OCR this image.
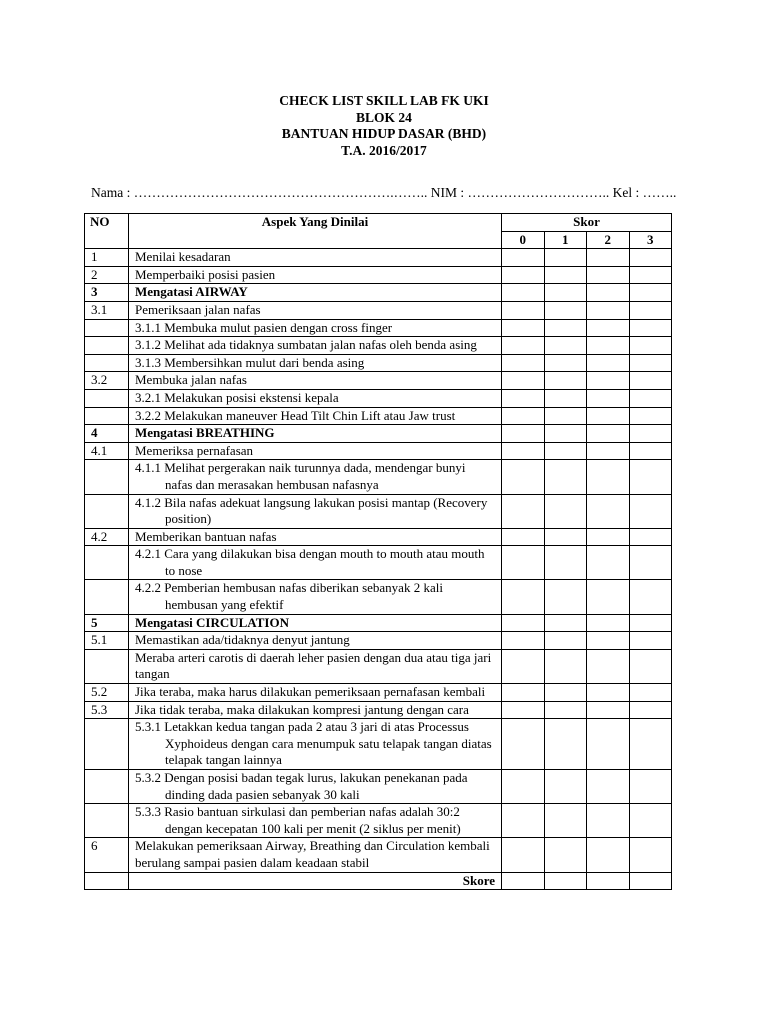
CHECK LIST SKILL LAB FK UKI
BLOK 24
BANTUAN HIDUP DASAR (BHD)
T.A. 2016/2017
Nama : ………………………………………………….…….. NIM : ………………………….. Kel : ……..
NO	Aspek Yang Dinilai	Skor			
		0	1	2	3
1	Menilai kesadaran				
2	Memperbaiki posisi pasien				
3	Mengatasi AIRWAY				
3.1	Pemeriksaan jalan nafas				

	3.1.1 Membuka mulut pasien dengan cross finger				

	3.1.2 Melihat ada tidaknya sumbatan jalan nafas oleh benda asing				

	3.1.3 Membersihkan mulut dari benda asing				

3.2	Membuka jalan nafas				

	3.2.1 Melakukan posisi ekstensi kepala				

	3.2.2 Melakukan maneuver Head Tilt Chin Lift atau Jaw trust				

4	Mengatasi BREATHING				
4.1	Memeriksa pernafasan				

	4.1.1 Melihat pergerakan naik turunnya dada, mendengar bunyi nafas dan merasakan hembusan nafasnya				

	4.1.2 Bila nafas adekuat langsung lakukan posisi mantap (Recovery position)				

4.2	Memberikan bantuan nafas				

	4.2.1 Cara yang dilakukan bisa dengan mouth to mouth atau mouth to nose				

	4.2.2 Pemberian hembusan nafas diberikan sebanyak 2 kali hembusan yang efektif				

5	Mengatasi CIRCULATION				
5.1	Memastikan ada/tidaknya denyut jantung				
	Meraba arteri carotis di daerah leher pasien dengan dua atau tiga jari tangan				
5.2	Jika teraba, maka harus dilakukan pemeriksaan pernafasan kembali				
5.3	Jika tidak teraba, maka dilakukan kompresi jantung dengan cara				

	5.3.1 Letakkan kedua tangan pada 2 atau 3 jari di atas Processus Xyphoideus dengan cara menumpuk satu telapak tangan diatas telapak tangan lainnya				

	5.3.2 Dengan posisi badan tegak lurus, lakukan penekanan pada dinding dada pasien sebanyak 30 kali				

	5.3.3 Rasio bantuan sirkulasi dan pemberian nafas adalah 30:2 dengan kecepatan 100 kali per menit (2 siklus per menit)				

6	Melakukan pemeriksaan Airway, Breathing dan Circulation kembali berulang sampai pasien dalam keadaan stabil				
	Skore				
